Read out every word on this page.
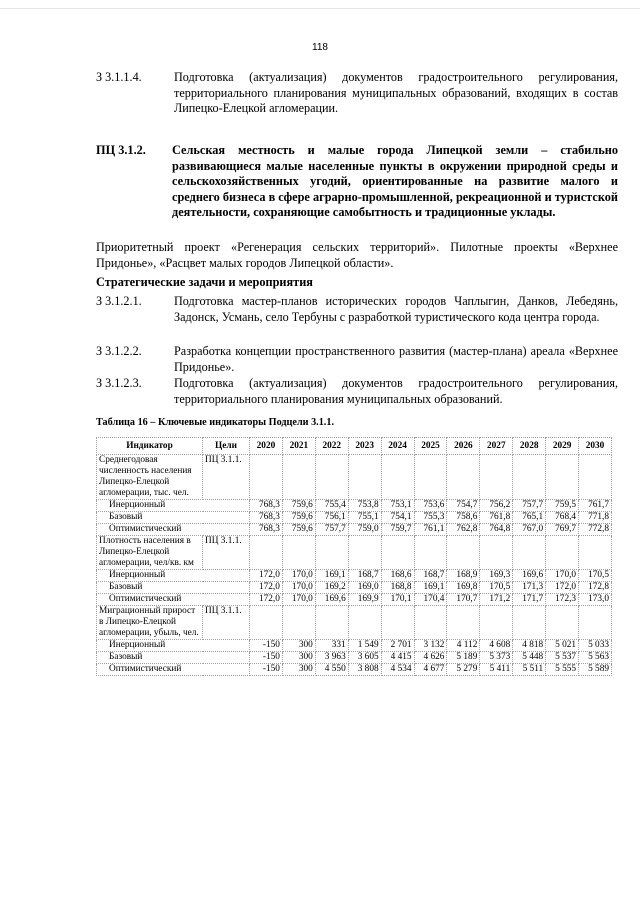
118
З 3.1.1.4.	Подготовка (актуализация) документов градостроительного регулирования, территориального планирования муниципальных образований, входящих в состав Липецко-Елецкой агломерации.
ПЦ 3.1.2.	Сельская местность и малые города Липецкой земли – стабильно развивающиеся малые населенные пункты в окружении природной среды и сельскохозяйственных угодий, ориентированные на развитие малого и среднего бизнеса в сфере аграрно-промышленной, рекреационной и туристской деятельности, сохраняющие самобытность и традиционные уклады.
Приоритетный проект «Регенерация сельских территорий». Пилотные проекты «Верхнее Придонье», «Расцвет малых городов Липецкой области».
Стратегические задачи и мероприятия
З 3.1.2.1.	Подготовка мастер-планов исторических городов Чаплыгин, Данков, Лебедянь, Задонск, Усмань, село Тербуны с разработкой туристического кода центра города.
З 3.1.2.2.	Разработка концепции пространственного развития (мастер-плана) ареала «Верхнее Придонье».
З 3.1.2.3.	Подготовка (актуализация) документов градостроительного регулирования, территориального планирования муниципальных образований.
Таблица 16 – Ключевые индикаторы Подцели 3.1.1.
Индикатор	Цели	2020	2021	2022	2023	2024	2025	2026	2027	2028	2029	2030
Среднегодовая численность населения Липецко-Елецкой агломерации, тыс. чел.	ПЦ 3.1.1.											
Инерционный		768,3	759,6	755,4	753,8	753,1	753,6	754,7	756,2	757,7	759,5	761,7
Базовый		768,3	759,6	756,1	755,1	754,1	755,3	758,6	761,8	765,1	768,4	771,8
Оптимистический		768,3	759,6	757,7	759,0	759,7	761,1	762,8	764,8	767,0	769,7	772,8
Плотность населения в Липецко-Елецкой агломерации, чел/кв. км	ПЦ 3.1.1.											
Инерционный		172,0	170,0	169,1	168,7	168,6	168,7	168,9	169,3	169,6	170,0	170,5
Базовый		172,0	170,0	169,2	169,0	168,8	169,1	169,8	170,5	171,3	172,0	172,8
Оптимистический		172,0	170,0	169,6	169,9	170,1	170,4	170,7	171,2	171,7	172,3	173,0
Миграционный прирост в Липецко-Елецкой агломерации, убыль, чел.	ПЦ 3.1.1.											
Инерционный		-150	300	331	1 549	2 701	3 132	4 112	4 608	4 818	5 021	5 033
Базовый		-150	300	3 963	3 605	4 415	4 626	5 189	5 373	5 448	5 537	5 563
Оптимистический		-150	300	4 550	3 808	4 534	4 677	5 279	5 411	5 511	5 555	5 589
